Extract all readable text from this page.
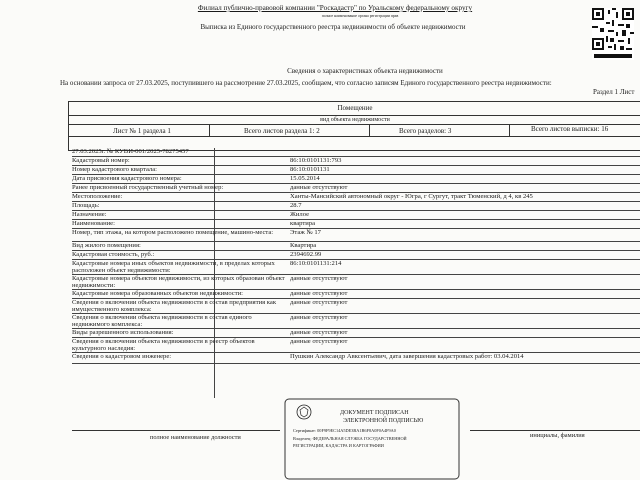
Филиал публично-правовой компании "Роскадастр" по Уральскому федеральному округу
полное наименование органа регистрации прав
Выписка из Единого государственного реестра недвижимости об объекте недвижимости
Сведения о характеристиках объекта недвижимости
На основании запроса от 27.03.2025, поступившего на рассмотрение 27.03.2025, сообщаем, что согласно записям Единого государственного реестра недвижимости:
Раздел 1 Лист
Помещение
вид объекта недвижимости
Лист № 1 раздела 1	Всего листов раздела 1: 2	Всего разделов: 3	Всего листов выписки: 16
27.03.2025г. № КУВИ-001/2025-78275457
Кадастровый номер:	86:10:0101131:793
Номер кадастрового квартала:	86:10:0101131
Дата присвоения кадастрового номера:	15.05.2014
Ранее присвоенный государственный учетный номер:	данные отсутствуют
Местоположение:	Ханты-Мансийский автономный округ - Югра, г Сургут, тракт Тюменский, д 4, кв 245
Площадь:	28.7
Назначение:	Жилое
Наименование:	квартира
Номер, тип этажа, на котором расположено помещение, машино-места:	Этаж № 17
Вид жилого помещения:	Квартира
Кадастровая стоимость, руб.:	2394692.99
Кадастровые номера иных объектов недвижимости, в пределах которых расположен объект недвижимости:
86:10:0101131:214
Кадастровые номера объектов недвижимости, из которых образован объект недвижимости:
данные отсутствуют
Кадастровые номера образованных объектов недвижимости:	данные отсутствуют
Сведения о включении объекта недвижимости в состав предприятия как имущественного комплекса:
данные отсутствуют
Сведения о включении объекта недвижимости в состав единого недвижимого комплекса:
данные отсутствуют
Виды разрешенного использования:	данные отсутствуют
Сведения о включении объекта недвижимости в реестр объектов культурного наследия:
данные отсутствуют
Сведения о кадастровом инженере:	Пушкин Александр Авксентьевич, дата завершения кадастровых работ: 03.04.2014
ДОКУМЕНТ ПОДПИСАН
ЭЛЕКТРОННОЙ ПОДПИСЬЮ
Сертификат: 00F9F9EC14A5DE3BA1B6F8A0F0A4F9A0
Владелец: ФЕДЕРАЛЬНАЯ СЛУЖБА ГОСУДАРСТВЕННОЙ
РЕГИСТРАЦИИ, КАДАСТРА И КАРТОГРАФИИ
полное наименование должности	инициалы, фамилия
